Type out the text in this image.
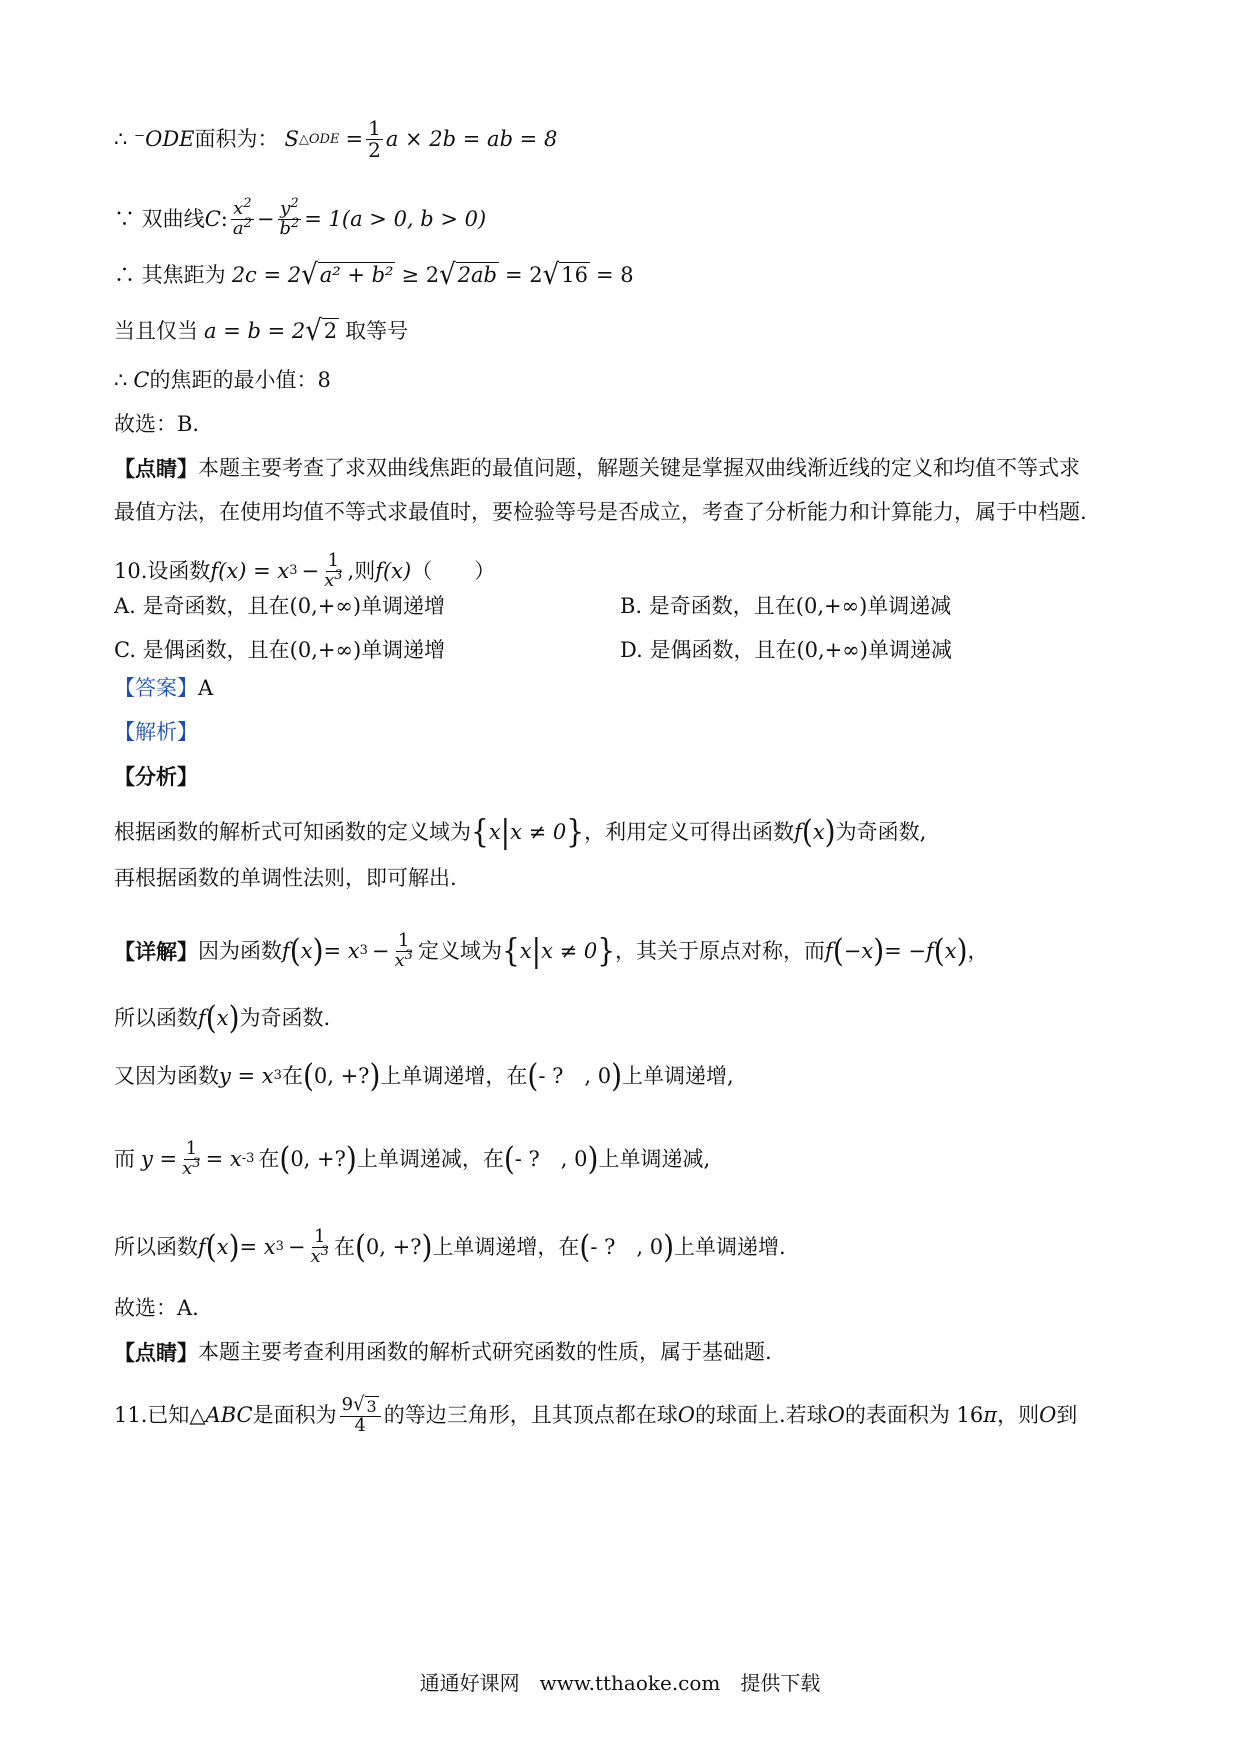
∴ ⁻ ODE 面积为： S △ODE = $\frac{1}{2}$ a × 2b = ab = 8
∵ 双曲线 C : $\frac{x^2}{a^2} - \frac{y^2}{b^2} = 1(a > 0$, b > 0)
∴ 其焦距为 2c = 2 √ a² + b² ≥ 2 √ 2ab = 2 √ 16 = 8
当且仅当 a = b = 2 √ 2 取等号
∴ C 的焦距的最小值： 8
故选：B.
【点睛】 本题主要考查了求双曲线焦距的最值问题，解题关键是掌握双曲线渐近线的定义和均值不等式求
最值方法，在使用均值不等式求最值时，要检验等号是否成立，考查了分析能力和计算能力，属于中档题.
10.设函数 f(x) = x $3 - \frac{1}{x^3}$ ,则 f(x) （　　）
A. 是奇函数，且在(0,+∞)单调递增	B. 是奇函数，且在(0,+∞)单调递减
C. 是偶函数，且在(0,+∞)单调递增	D. 是偶函数，且在(0,+∞)单调递减
【答案】 A
【解析】
【分析】
根据函数的解析式可知函数的定义域为 { x | x ≠ 0 } ，利用定义可得出函数 f ( x ) 为奇函数,
再根据函数的单调性法则，即可解出.
【详解】 因为函数 f ( x ) = x $3 - \frac{1}{x^3}$ 定义域为 { x | x ≠ 0 } ，其关于原点对称，而 f ( −x ) = −f ( x ) ，
所以函数 f ( x ) 为奇函数.
又因为函数 y = x 3 在 ( 0, +? ) 上单调递增，在 ( - ?　, 0 ) 上单调递增,
而 $y = \frac{1}{x^3} = x$ -3 在 ( 0, +? ) 上单调递减，在 ( - ?　, 0 ) 上单调递减,
所以函数 f ( x ) = x $3 - \frac{1}{x^3}$ 在 ( 0, +? ) 上单调递增，在 ( - ?　, 0 ) 上单调递增.
故选：A.
【点睛】 本题主要考查利用函数的解析式研究函数的性质，属于基础题.
11.已知△ ABC 是面积为 $\frac{9 √ 3}{4}$ 的等边三角形，且其顶点都在球 O 的球面上.若球 O 的表面积为 16 π ，则 O 到
通通好课网　www.tthaoke.com　提供下载
